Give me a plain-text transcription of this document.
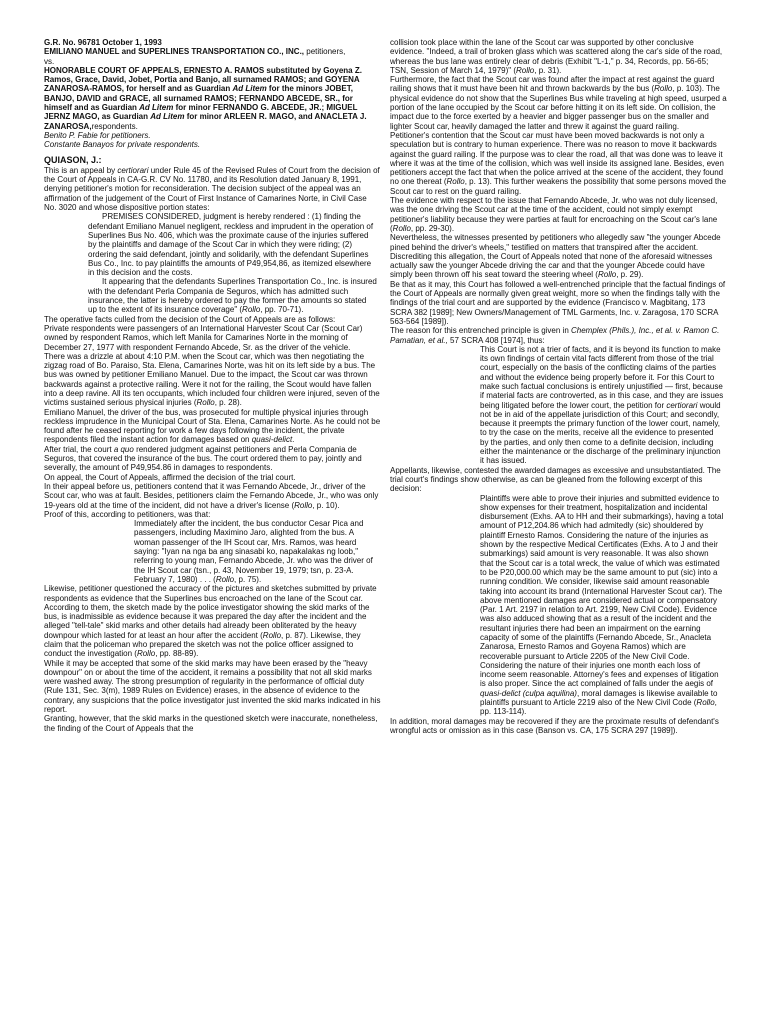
G.R. No. 96781 October 1, 1993

EMILIANO MANUEL and SUPERLINES TRANSPORTATION CO., INC., petitioners,

vs.

HONORABLE COURT OF APPEALS, ERNESTO A. RAMOS substituted by Goyena Z. Ramos, Grace, David, Jobet, Portia and Banjo, all surnamed RAMOS; and GOYENA ZANAROSA-RAMOS, for herself and as Guardian Ad Litem for the minors JOBET, BANJO, DAVID and GRACE, all surnamed RAMOS; FERNANDO ABCEDE, SR., for himself and as Guardian Ad Litem for minor FERNANDO G. ABCEDE, JR.; MIGUEL JERNZ MAGO, as Guardian Ad Litem for minor ARLEEN R. MAGO, and ANACLETA J. ZANAROSA,respondents.

Benito P. Fabie for petitioners.

Constante Banayos for private respondents.

QUIASON, J.:

This is an appeal by certiorari under Rule 45 of the Revised Rules of Court from the decision of the Court of Appeals in CA-G.R. CV No. 11780, and its Resolution dated January 8, 1991, denying petitioner's motion for reconsideration. The decision subject of the appeal was an affirmation of the judgement of the Court of First Instance of Camarines Norte, in Civil Case No. 3020 and whose dispositive portion states:

PREMISES CONSIDERED, judgment is hereby rendered : (1) finding the defendant Emiliano Manuel negligent, reckless and imprudent in the operation of Superlines Bus No. 406, which was the proximate cause of the injuries suffered by the plaintiffs and damage of the Scout Car in which they were riding; (2) ordering the said defendant, jointly and solidarily, with the defendant Superlines Bus Co., Inc. to pay plaintiffs the amounts of P49,954,86, as itemized elsewhere in this decision and the costs.

It appearing that the defendants Superlines Transportation Co., Inc. is insured with the defendant Perla Compania de Seguros, which has admitted such insurance, the latter is hereby ordered to pay the former the amounts so stated up to the extent of its insurance coverage" (Rollo, pp. 70-71).

The operative facts culled from the decision of the Court of Appeals are as follows:

Private respondents were passengers of an International Harvester Scout Car (Scout Car) owned by respondent Ramos, which left Manila for Camarines Norte in the morning of December 27, 1977 with respondent Fernando Abcede, Sr. as the driver of the vehicle.

There was a drizzle at about 4:10 P.M. when the Scout car, which was then negotiating the zigzag road of Bo. Paraiso, Sta. Elena, Camarines Norte, was hit on its left side by a bus. The bus was owned by petitioner Emiliano Manuel. Due to the impact, the Scout car was thrown backwards against a protective railing. Were it not for the railing, the Scout would have fallen into a deep ravine. All its ten occupants, which included four children were injured, seven of the victims sustained serious physical injuries (Rollo, p. 28).

Emiliano Manuel, the driver of the bus, was prosecuted for multiple physical injuries through reckless imprudence in the Municipal Court of Sta. Elena, Camarines Norte. As he could not be found after he ceased reporting for work a few days following the incident, the private respondents filed the instant action for damages based on quasi-delict.

After trial, the court a quo rendered judgment against petitioners and Perla Compania de Seguros, that covered the insurance of the bus. The court ordered them to pay, jointly and severally, the amount of P49,954.86 in damages to respondents.

On appeal, the Court of Appeals, affirmed the decision of the trial court.

In their appeal before us, petitioners contend that it was Fernando Abcede, Jr., driver of the Scout car, who was at fault. Besides, petitioners claim the Fernando Abcede, Jr., who was only 19-years old at the time of the incident, did not have a driver's license (Rollo, p. 10).

Proof of this, according to petitioners, was that:

Immediately after the incident, the bus conductor Cesar Pica and passengers, including Maximino Jaro, alighted from the bus. A woman passenger of the IH Scout car, Mrs. Ramos, was heard saying: "Iyan na nga ba ang sinasabi ko, napakalakas ng loob," referring to young man, Fernando Abcede, Jr. who was the driver of the IH Scout car (tsn., p. 43, November 19, 1979; tsn, p. 23-A. February 7, 1980) . . . (Rollo, p. 75).

Likewise, petitioner questioned the accuracy of the pictures and sketches submitted by private respondents as evidence that the Superlines bus encroached on the lane of the Scout car. According to them, the sketch made by the police investigator showing the skid marks of the bus, is inadmissible as evidence because it was prepared the day after the incident and the alleged "tell-tale" skid marks and other details had already been obliterated by the heavy downpour which lasted for at least an hour after the accident (Rollo, p. 87). Likewise, they claim that the policeman who prepared the sketch was not the police officer assigned to conduct the investigation (Rollo, pp. 88-89).

While it may be accepted that some of the skid marks may have been erased by the "heavy downpour" on or about the time of the accident, it remains a possibility that not all skid marks were washed away. The strong presumption of regularity in the performance of official duty (Rule 131, Sec. 3(m), 1989 Rules on Evidence) erases, in the absence of evidence to the contrary, any suspicions that the police investigator just invented the skid marks indicated in his report.

Granting, however, that the skid marks in the questioned sketch were inaccurate, nonetheless, the finding of the Court of Appeals that the

collision took place within the lane of the Scout car was supported by other conclusive evidence. "Indeed, a trail of broken glass which was scattered along the car's side of the road, whereas the bus lane was entirely clear of debris (Exhibit "L-1," p. 34, Records, pp. 56-65; TSN, Session of March 14, 1979)" (Rollo, p. 31).

Furthermore, the fact that the Scout car was found after the impact at rest against the guard railing shows that it must have been hit and thrown backwards by the bus (Rollo, p. 103). The physical evidence do not show that the Superlines Bus while traveling at high speed, usurped a portion of the lane occupied by the Scout car before hitting it on its left side. On collision, the impact due to the force exerted by a heavier and bigger passenger bus on the smaller and lighter Scout car, heavily damaged the latter and threw it against the guard railing.

Petitioner's contention that the Scout car must have been moved backwards is not only a speculation but is contrary to human experience. There was no reason to move it backwards against the guard railing. If the purpose was to clear the road, all that was done was to leave it where it was at the time of the collision, which was well inside its assigned lane. Besides, even petitioners accept the fact that when the police arrived at the scene of the accident, they found no one thereat (Rollo, p. 13). This further weakens the possibility that some persons moved the Scout car to rest on the guard railing.

The evidence with respect to the issue that Fernando Abcede, Jr. who was not duly licensed, was the one driving the Scout car at the time of the accident, could not simply exempt petitioner's liability because they were parties at fault for encroaching on the Scout car's lane (Rollo, pp. 29-30).

Nevertheless, the witnesses presented by petitioners who allegedly saw "the younger Abcede pined behind the driver's wheels," testified on matters that transpired after the accident. Discrediting this allegation, the Court of Appeals noted that none of the aforesaid witnesses actually saw the younger Abcede driving the car and that the younger Abcede could have simply been thrown off his seat toward the steering wheel (Rollo, p. 29).

Be that as it may, this Court has followed a well-entrenched principle that the factual findings of the Court of Appeals are normally given great weight, more so when the findings tally with the findings of the trial court and are supported by the evidence (Francisco v. Magbitang, 173 SCRA 382 [1989]; New Owners/Management of TML Garments, Inc. v. Zaragosa, 170 SCRA 563-564 [1989]).

The reason for this entrenched principle is given in Chemplex (Phils.), Inc., et al. v. Ramon C. Pamatian, et al., 57 SCRA 408 [1974], thus:

This Court is not a trier of facts, and it is beyond its function to make its own findings of certain vital facts different from those of the trial court, especially on the basis of the conflicting claims of the parties and without the evidence being properly before it. For this Court to make such factual conclusions is entirely unjustified — first, because if material facts are controverted, as in this case, and they are issues being litigated before the lower court, the petition for certiorari would not be in aid of the appellate jurisdiction of this Court; and secondly, because it preempts the primary function of the lower court, namely, to try the case on the merits, receive all the evidence to presented by the parties, and only then come to a definite decision, including either the maintenance or the discharge of the preliminary injunction it has issued.

Appellants, likewise, contested the awarded damages as excessive and unsubstantiated. The trial court's findings show otherwise, as can be gleaned from the following excerpt of this decision:

Plaintiffs were able to prove their injuries and submitted evidence to show expenses for their treatment, hospitalization and incidental disbursement (Exhs. AA to HH and their submarkings), having a total amount of P12,204.86 which had admitedly (sic) shouldered by plaintiff Ernesto Ramos. Considering the nature of the injuries as shown by the respective Medical Certificates (Exhs. A to J and their submarkings) said amount is very reasonable. It was also shown that the Scout car is a total wreck, the value of which was estimated to be P20,000.00 which may be the same amount to put (sic) into a running condition. We consider, likewise said amount reasonable taking into account its brand (International Harvester Scout car). The above mentioned damages are considered actual or compensatory (Par. 1 Art. 2197 in relation to Art. 2199, New Civil Code). Evidence was also adduced showing that as a result of the incident and the resultant injuries there had been an impairment on the earning capacity of some of the plaintiffs (Fernando Abcede, Sr., Anacleta Zanarosa, Ernesto Ramos and Goyena Ramos) which are recoverable pursuant to Article 2205 of the New Civil Code. Considering the nature of their injuries one month each loss of income seem reasonable. Attorney's fees and expenses of litigation is also proper. Since the act complained of falls under the aegis of quasi-delict (culpa aquilina), moral damages is likewise available to plaintiffs pursuant to Article 2219 also of the New Civil Code (Rollo, pp. 113-114).

In addition, moral damages may be recovered if they are the proximate results of defendant's wrongful acts or omission as in this case (Banson vs. CA, 175 SCRA 297 [1989]).
